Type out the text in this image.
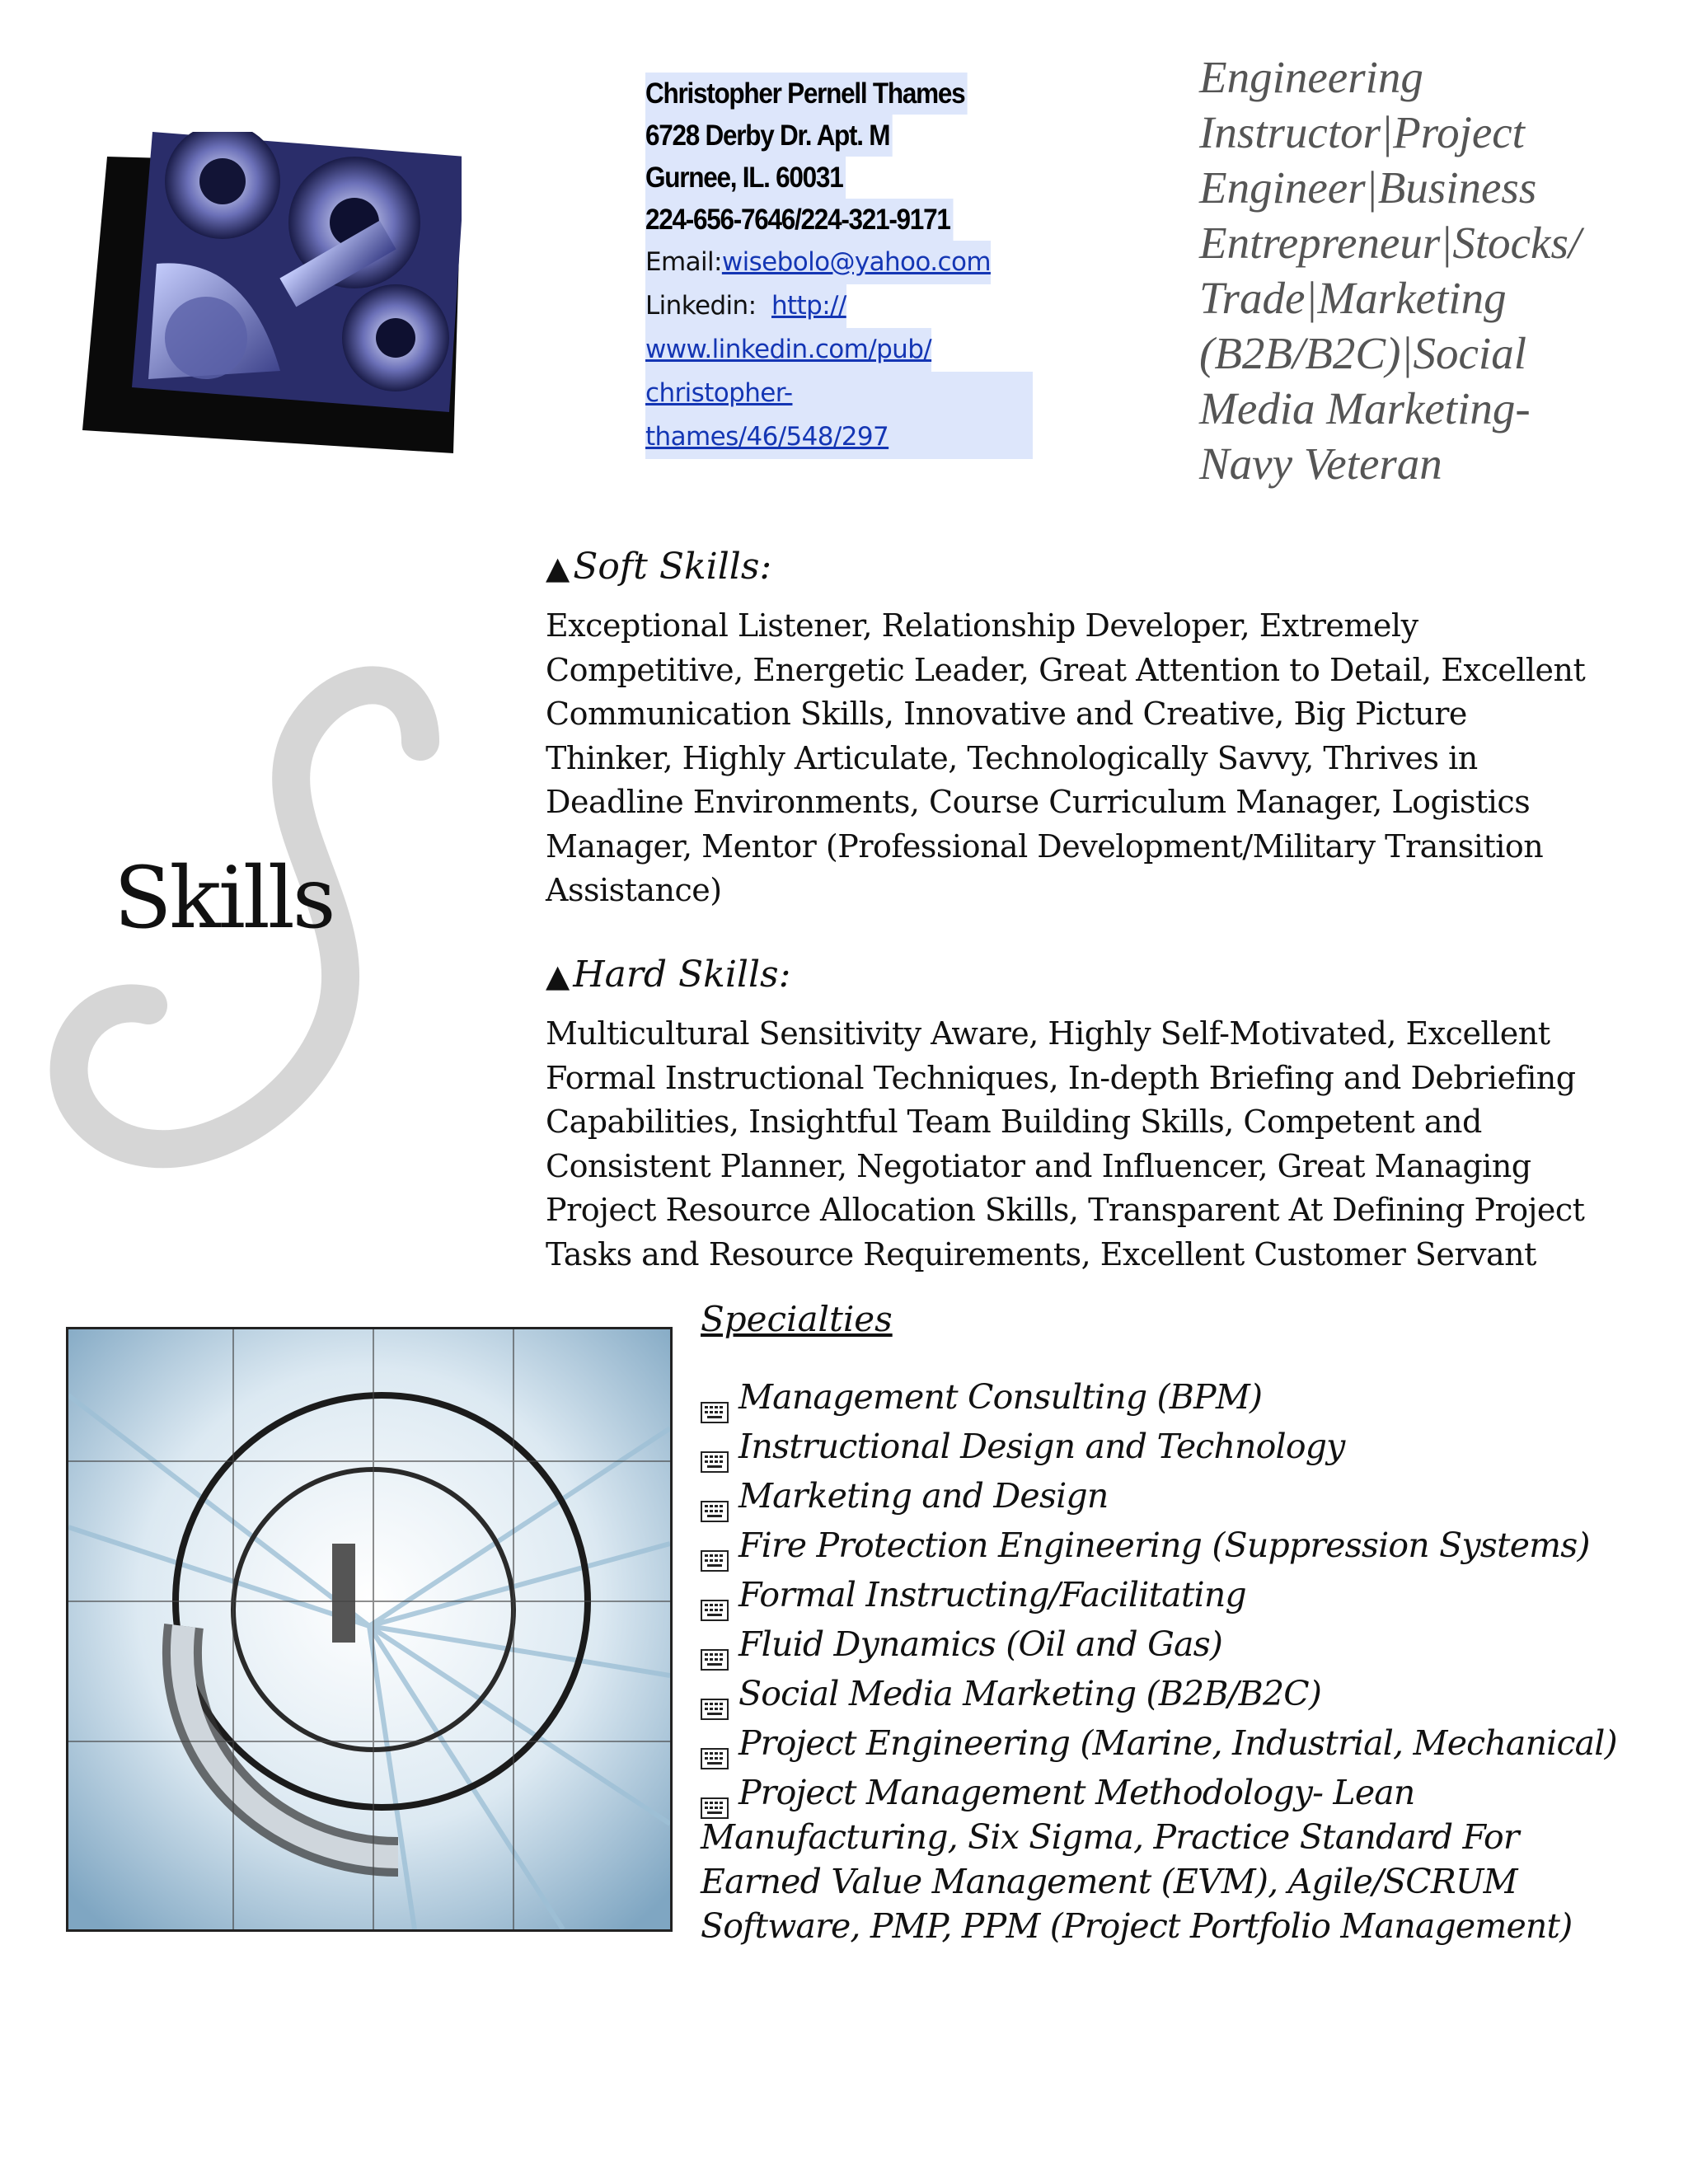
Christopher Pernell Thames
6728 Derby Dr. Apt. M
Gurnee, IL. 60031
224-656-7646/224-321-9171
Email:wisebolo@yahoo.com
Linkedin: http://
www.linkedin.com/pub/
christopher-thames/46/548/297
Engineering
Instructor|Project
Engineer|Business
Entrepreneur|Stocks/
Trade|Marketing
(B2B/B2C)|Social
Media Marketing-
Navy Veteran
Skills
▲Soft Skills:
Exceptional Listener, Relationship Developer, Extremely
Competitive, Energetic Leader, Great Attention to Detail, Excellent
Communication Skills, Innovative and Creative, Big Picture
Thinker, Highly Articulate, Technologically Savvy, Thrives in
Deadline Environments, Course Curriculum Manager, Logistics
Manager, Mentor (Professional Development/Military Transition
Assistance)
▲Hard Skills:
Multicultural Sensitivity Aware, Highly Self-Motivated, Excellent
Formal Instructional Techniques, In-depth Briefing and Debriefing
Capabilities, Insightful Team Building Skills, Competent and
Consistent Planner, Negotiator and Influencer, Great Managing
Project Resource Allocation Skills, Transparent At Defining Project
Tasks and Resource Requirements, Excellent Customer Servant
Specialties
Management Consulting (BPM)
Instructional Design and Technology
Marketing and Design
Fire Protection Engineering (Suppression Systems)
Formal Instructing/Facilitating
Fluid Dynamics (Oil and Gas)
Social Media Marketing (B2B/B2C)
Project Engineering (Marine, Industrial, Mechanical)
Project Management Methodology- Lean Manufacturing, Six Sigma, Practice Standard For Earned Value Management (EVM), Agile/SCRUM Software, PMP, PPM (Project Portfolio Management)
